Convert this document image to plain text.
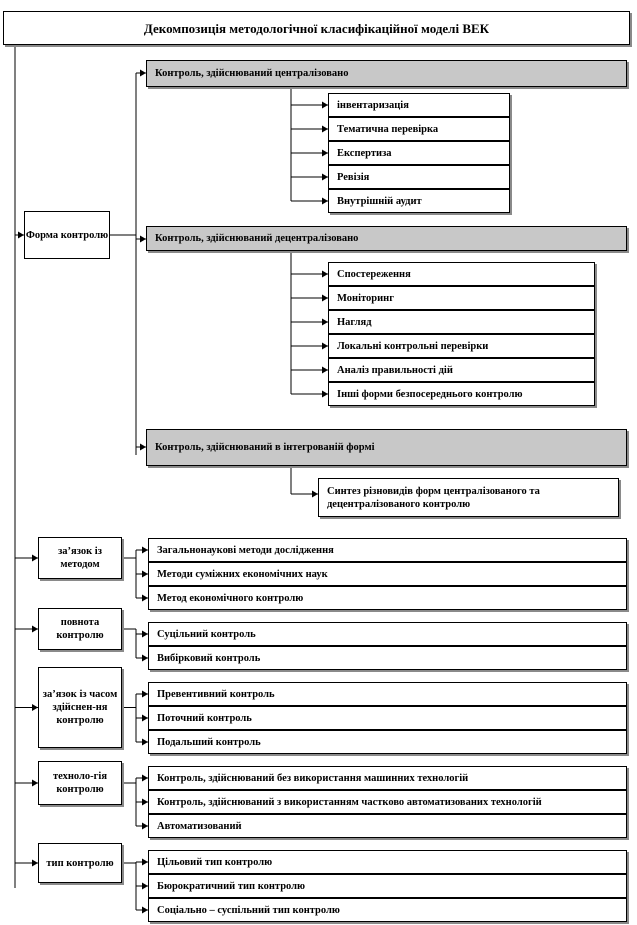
Декомпозиція методологічної класифікаційної моделі ВЕК
Форма контролю
Контроль, здійснюваний централізовано
Контроль, здійснюваний децентралізовано
Контроль, здійснюваний в інтегрованій формі
інвентаризація
Тематична перевірка
Експертиза
Ревізія
Внутрішній аудит
Спостереження
Моніторинг
Нагляд
Локальні контрольні перевірки
Аналіз правильності дій
Інші форми безпосереднього контролю
Синтез різновидів форм централізованого та децентралізованого контролю
за’язок із методом
Загальнонаукові методи дослідження
Методи суміжних економічних наук
Метод економічного контролю
повнота контролю	Суцільний контроль
Вибірковий контроль
за’язок із часом здійснен-ня контролю
Превентивний контроль
Поточний контроль
Подальший контроль
техноло-гія контролю
Контроль, здійснюваний без використання машинних технологій
Контроль, здійснюваний з використанням частково автоматизованих технологій
Автоматизований
тип контролю	Цільовий тип контролю
Бюрократичний тип контролю
Соціально – суспільний тип контролю
